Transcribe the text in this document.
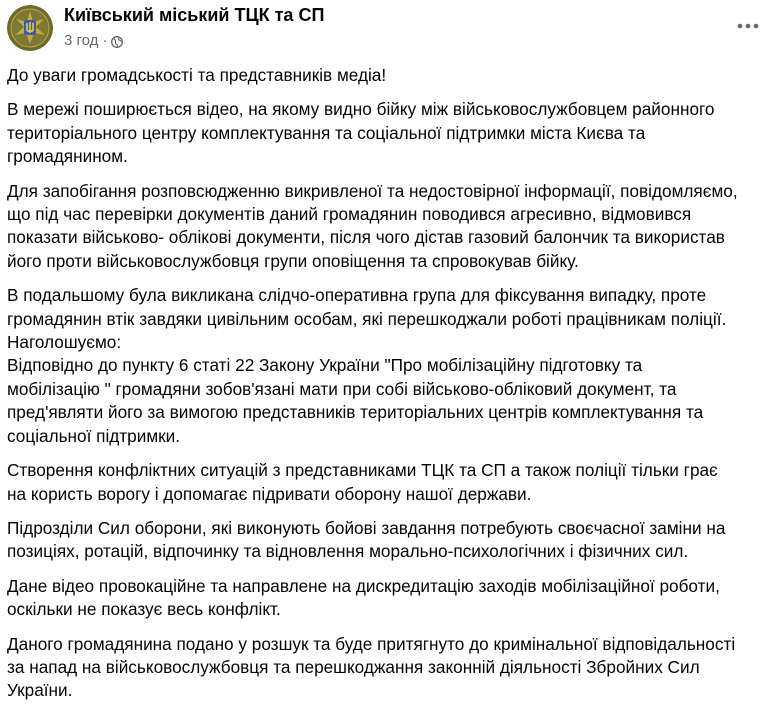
Київський міський ТЦК та СП
3 год ·

До уваги громадськості та представників медіа!

В мережі поширюється відео, на якому видно бійку між військовослужбовцем районного
територіального центру комплектування та соціальної підтримки міста Києва та
громадянином.

Для запобігання розповсюдженню викривленої та недостовірної інформації, повідомляємо,
що під час перевірки документів даний громадянин поводився агресивно, відмовився
показати військово- облікові документи, після чого дістав газовий балончик та використав
його проти військовослужбовця групи оповіщення та спровокував бійку.

В подальшому була викликана слідчо-оперативна група для фіксування випадку, проте
громадянин втік завдяки цивільним особам, які перешкоджали роботі працівникам поліції.
Наголошуємо:
Відповідно до пункту 6 статі 22 Закону України "Про мобілізаційну підготовку та
мобілізацію " громадяни зобов'язані мати при собі військово-обліковий документ, та
пред'являти його за вимогою представників територіальних центрів комплектування та
соціальної підтримки.

Створення конфліктних ситуацій з представниками ТЦК та СП а також поліції тільки грає
на користь ворогу і допомагає підривати оборону нашої держави.

Підрозділи Сил оборони, які виконують бойові завдання потребують своєчасної заміни на
позиціях, ротацій, відпочинку та відновлення морально-психологічних і фізичних сил.

Дане відео провокаційне та направлене на дискредитацію заходів мобілізаційної роботи,
оскільки не показує весь конфлікт.

Даного громадянина подано у розшук та буде притягнуто до кримінальної відповідальності
за напад на військовослужбовця та перешкоджання законній діяльності Збройних Сил
України.
